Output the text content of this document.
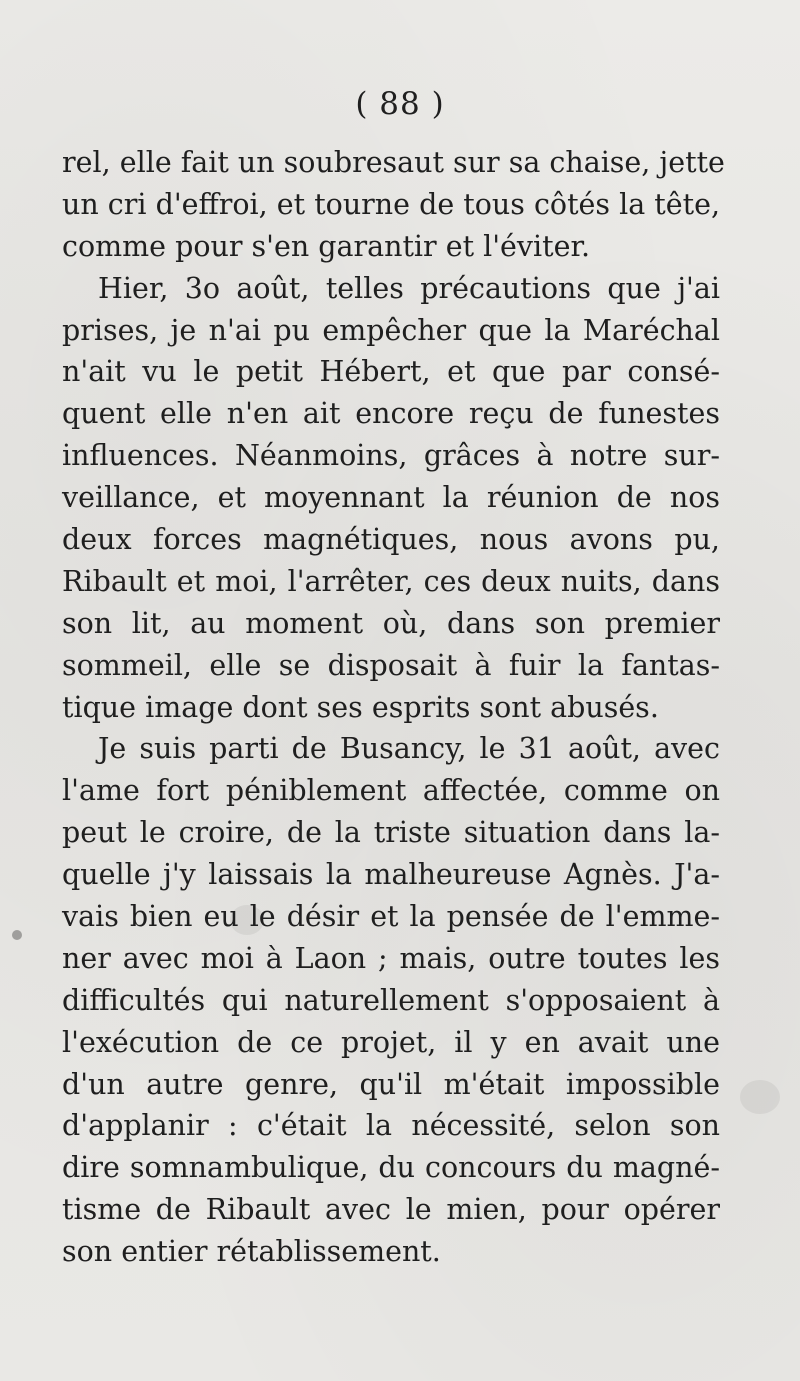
( 88 )
rel, elle fait un soubresaut sur sa chaise, jette
un cri d'effroi, et tourne de tous côtés la tête,
comme pour s'en garantir et l'éviter.
Hier, 3o août, telles précautions que j'ai
prises, je n'ai pu empêcher que la Maréchal
n'ait vu le petit Hébert, et que par consé-
quent elle n'en ait encore reçu de funestes
influences. Néanmoins, grâces à notre sur-
veillance, et moyennant la réunion de nos
deux forces magnétiques, nous avons pu,
Ribault et moi, l'arrêter, ces deux nuits, dans
son lit, au moment où, dans son premier
sommeil, elle se disposait à fuir la fantas-
tique image dont ses esprits sont abusés.
Je suis parti de Busancy, le 31 août, avec
l'ame fort péniblement affectée, comme on
peut le croire, de la triste situation dans la-
quelle j'y laissais la malheureuse Agnès. J'a-
vais bien eu le désir et la pensée de l'emme-
ner avec moi à Laon ; mais, outre toutes les
difficultés qui naturellement s'opposaient à
l'exécution de ce projet, il y en avait une
d'un autre genre, qu'il m'était impossible
d'applanir : c'était la nécessité, selon son
dire somnambulique, du concours du magné-
tisme de Ribault avec le mien, pour opérer
son entier rétablissement.
